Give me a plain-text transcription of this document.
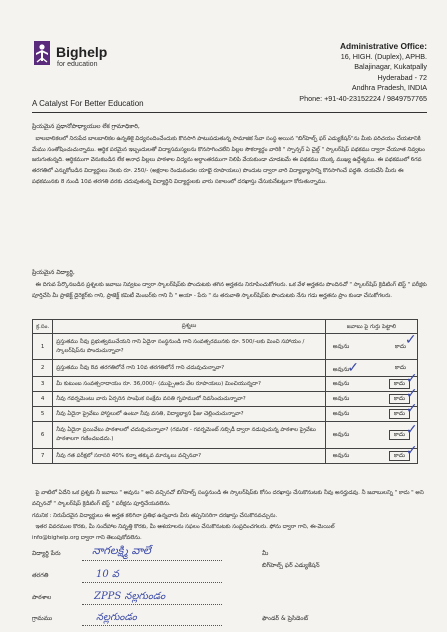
Bighelp
for education
A Catalyst For Better Education
Administrative Office:
16, HIGH. (Duplex), APHB.
Balajinagar, Kukatpally
Hyderabad - 72
Andhra Pradesh, INDIA
Phone: +91-40-23152224 / 9849757765
ప్రియమైన ప్రధానోపాధ్యాయుల లేక గ్రామాధికారి,
బాలబాలికలలో నిరుపేద బాలబాలికల ఉన్నతికై విద్యనందించేందుకు కొనసాగి పాటుపడుతున్న సామాజిక సేవా సంస్థ అయిన "బిగ్‌హెల్ప్ ఫర్ ఎడ్యుకేషన్"ను మీకు పరిచయం చేయటానికి మేము సంతోషించుచున్నాము. ఆర్థిక పరమైన ఇబ్బందులతో విద్యాసమస్యలను కొనసాగించలేని పిల్లల సౌకర్యార్థం వారికి " స్పాన్సర్ ఏ చైల్డ్ " స్కాలర్‌షిప్ పథకము ద్వారా చేయూత నివ్వటం జరుగుతున్నది. ఆర్థికముగా వెనుకబడిన లేక అనాధ పిల్లలు పాఠశాల విద్యను అర్ధాంతరముగా నిలిపి వేయకుండా చూడటమే ఈ పథకము యొక్క ముఖ్య ఉద్దేశ్యము. ఈ పథకములో 6గవ తరగతిలో ఎన్నుకోబడిన విద్యార్థులు నెలకు రూ. 250/- (అక్షరాల రెండువందల యాభై రూపాయలు) పొందుట ద్వారా వారి విద్యాభ్యాసాన్ని కొనసాగించే పద్ధతి. దయచేసి మీరు ఈ పథకమునకు 8 నుండి 10వ తరగతి వరకు చదువుతున్న విద్యార్థిని విద్యార్థులకు వారు సకాలంలో దరఖాస్తు చేసుకునేటట్లుగా కోరుతున్నాము.
ప్రియమైన విద్యార్థి,
ఈ దిగువ పేర్కొనబడిన ప్రశ్నలకు జవాబు నివ్వటం ద్వారా స్కాలర్‌షిప్‌కు పొందుటకు తగిన అర్హతను నిరూపించుకోగలరు. ఒక వేళ అర్హతను పొందినచో " స్కాలర్‌షిప్ క్రెడిటింగ్ టెస్ట్ " పరీక్షకు పూర్తిచేసి మీ ప్రాజెక్ట్ డైరెక్టర్‌కు గాని, ప్రాజెక్ట్ కమిటీ మెంబర్‌కు గాని నీ " అయా - పేరు " ను తరువాతి స్కాలర్‌షిప్‌కు పొందుటకు నేను గడు అర్హతను ప్రాం కుండా చేసుకోగలరు.
క్ర.సం.	ప్రశ్నలు	జవాబు పై గుర్తు పెట్టాలి
1	ప్రస్తుతము నీవు ప్రభుత్వముచేయని గాని ఏదైనా సంస్థనుండి గాని సంవత్సరమునకు రూ. 500/-లకు మించి సహాయం / స్కాలర్‌షిప్‌ను పొందుచున్నావా?	అవును కాదు
✓

2	ప్రస్తుతము నీవు 8వ తరగతిలోనే గాని 10వ తరగతిలోనే గాని చదువుచున్నావా?	అవును✓ కాదు

3	మీ కుటుంబ సంవత్సరాదాయం రూ. 36,000/- (ముప్పైఆరు వేల రూపాయలు) మించియున్నదా?	అవును కాదు ✓

4	నీవు గవర్నమెంటు వారు ఏర్పరిన సాంఘిక సంక్షేమ వసతి గృహములో నివసించుచున్నావా?	అవును కాదు ✓

5	నీవు ఏదైనా ప్రైవేటు హాస్టలులో ఉంటూ నీవు వసతి, విద్యాభ్యాస ఫీజు చెల్లించుచున్నావా?	అవును కాదు ✓

6	నీవు ఏదైనా ప్రయివేటు పాఠశాలలో చదువుచున్నావా? (గమనిక - గవర్నమెంట్ సబ్సిడీ ద్వారా నడుపుచున్న పాఠశాల ప్రైవేటు పాఠశాలగా గణించబడదు.)	అవును కాదు ✓

7	నీవు గత పరీక్షలో సరాసరి 40% కన్నా తక్కువ మార్కులు వచ్చినవా?	అవును కాదు ✓
పై వాటిలో ఏదేని ఒక ప్రశ్నకు నీ జవాబు " అవును " అని వచ్చినచో బిగ్‌హెల్ప్ సంస్థనుండి ఈ స్కాలర్‌షిప్‌కు కోసం దరఖాస్తు చేసుకొనుటకు నీవు అనర్హుడవు. నీ జవాబులన్ని " కాదు " అని వచ్చినచో " స్కాలర్‌షిప్ క్రెడిటింగ్ టెస్ట్ " పరీక్షను పూర్తిచేయవలెను.
గమనిక : నిరుపేదవైన విద్యార్థులు ఈ అర్హత కలిగినా ప్రతిభ ఉన్నవారు వీరు తప్పనిసరిగా దరఖాస్తు చేసుకొనవచ్చును.
ఇతర వివరముల కొరకు, మీ సందేహాల నివృత్తి కొరకు, మీ ఆశయాలను సఫలం చేసుకొనుటకు సంప్రదించగలరు. ఫోను ద్వారా గాని, ఈ-మెయిల్
info@bighelp.org ద్వారా గాని తెలుపుకోవలెను.
విద్యార్థి పేరు	నాగలక్ష్మి వాలే
తరగతి	10 వ
పాఠశాల	ZPPS నల్లగుండం
గ్రామము	నల్లగుండం
మీ
బిగ్‌హెల్ప్ ఫర్ ఎడ్యుకేషన్
ఫౌండర్ & ప్రెసిడెంట్
